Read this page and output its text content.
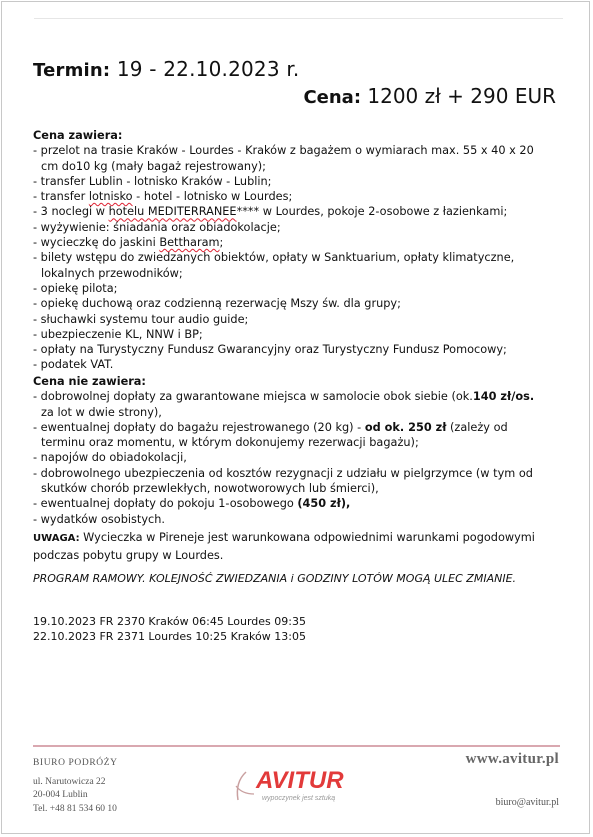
Termin: 19 - 22.10.2023 r.
Cena: 1200 zł + 290 EUR
Cena zawiera:
- przelot na trasie Kraków - Lourdes - Kraków z bagażem o wymiarach max. 55 x 40 x 20
cm do10 kg (mały bagaż rejestrowany);
- transfer Lublin - lotnisko Kraków - Lublin;
- transfer lotnisko - hotel - lotnisko w Lourdes;
- 3 noclegi w hotelu MEDITERRANEE**** w Lourdes, pokoje 2-osobowe z łazienkami;
- wyżywienie: śniadania oraz obiadokolacje;
- wycieczkę do jaskini Bettharam;
- bilety wstępu do zwiedzanych obiektów, opłaty w Sanktuarium, opłaty klimatyczne,
lokalnych przewodników;
- opiekę pilota;
- opiekę duchową oraz codzienną rezerwację Mszy św. dla grupy;
- słuchawki systemu tour audio guide;
- ubezpieczenie KL, NNW i BP;
- opłaty na Turystyczny Fundusz Gwarancyjny oraz Turystyczny Fundusz Pomocowy;
- podatek VAT.
Cena nie zawiera:
- dobrowolnej dopłaty za gwarantowane miejsca w samolocie obok siebie (ok.140 zł/os.
za lot w dwie strony),
- ewentualnej dopłaty do bagażu rejestrowanego (20 kg) - od ok. 250 zł (zależy od
terminu oraz momentu, w którym dokonujemy rezerwacji bagażu);
- napojów do obiadokolacji,
- dobrowolnego ubezpieczenia od kosztów rezygnacji z udziału w pielgrzymce (w tym od
skutków chorób przewlekłych, nowotworowych lub śmierci),
- ewentualnej dopłaty do pokoju 1-osobowego (450 zł),
- wydatków osobistych.
UWAGA: Wycieczka w Pireneje jest warunkowana odpowiednimi warunkami pogodowymi
podczas pobytu grupy w Lourdes.
PROGRAM RAMOWY. KOLEJNOŚĆ ZWIEDZANIA i GODZINY LOTÓW MOGĄ ULEC ZMIANIE.
19.10.2023 FR 2370 Kraków 06:45 Lourdes 09:35
22.10.2023 FR 2371 Lourdes 10:25 Kraków 13:05
BIURO PODRÓŻY
ul. Narutowicza 22
20-004 Lublin
Tel. +48 81 534 60 10
AVITUR
wypoczynek jest sztuką
www.avitur.pl
biuro@avitur.pl
